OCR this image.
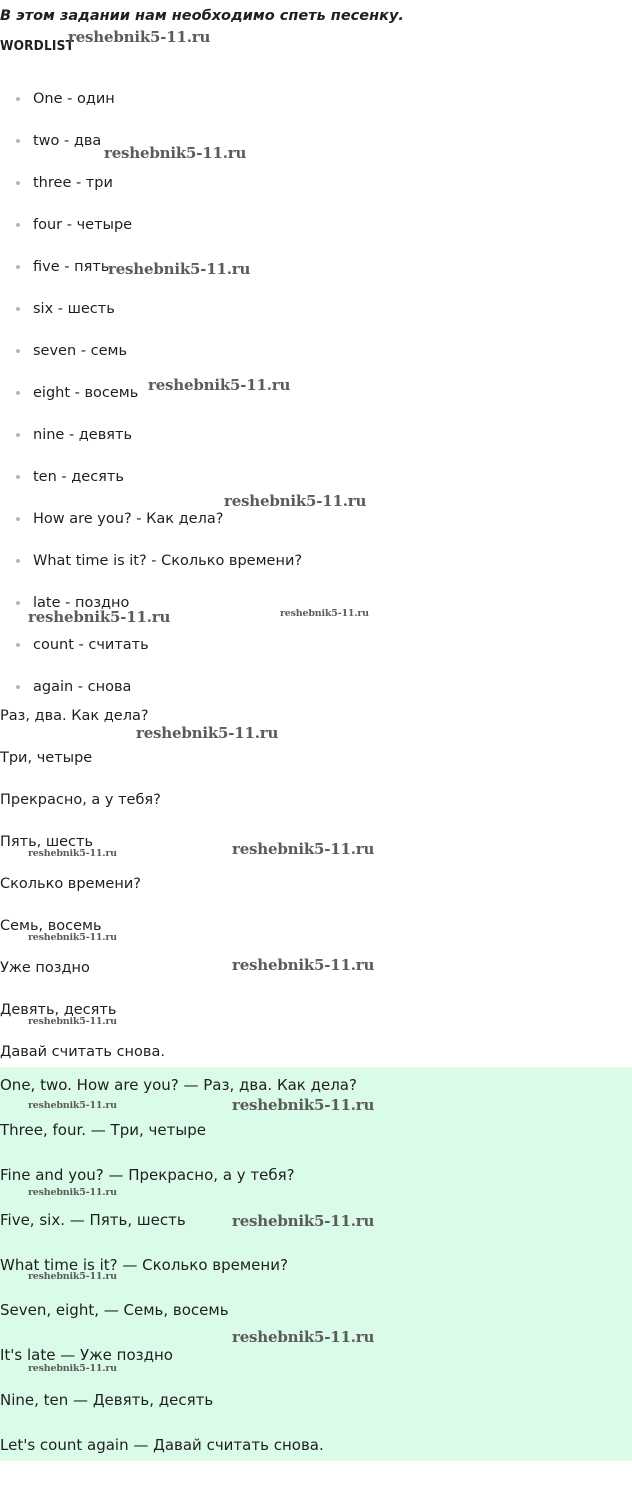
В этом задании нам необходимо спеть песенку.

WORDLIST
One - один
two - два
three - три
four - четыре
five - пять
six - шесть
seven - семь
eight - восемь
nine - девять
ten - десять
How are you? - Как дела?
What time is it? - Сколько времени?
late - поздно
count - считать
again - снова
Раз, два. Как дела?
Три, четыре
Прекрасно, а у тебя?
Пять, шесть
Сколько времени?
Семь, восемь
Уже поздно
Девять, десять
Давай считать снова.
One, two. How are you? — Раз, два. Как дела?
Three, four. — Три, четыре
Fine and you? — Прекрасно, а у тебя?
Five, six. — Пять, шесть
What time is it? — Сколько времени?
Seven, eight, — Семь, восемь
It's late — Уже поздно
Nine, ten — Девять, десять
Let's count again — Давай считать снова.
reshebnik5-11.ru
reshebnik5-11.ru
reshebnik5-11.ru
reshebnik5-11.ru
reshebnik5-11.ru
reshebnik5-11.ru	reshebnik5-11.ru
reshebnik5-11.ru
reshebnik5-11.ru	reshebnik5-11.ru
reshebnik5-11.ru
reshebnik5-11.ru
reshebnik5-11.ru
reshebnik5-11.ru	reshebnik5-11.ru
reshebnik5-11.ru
reshebnik5-11.ru
reshebnik5-11.ru
reshebnik5-11.ru
reshebnik5-11.ru
